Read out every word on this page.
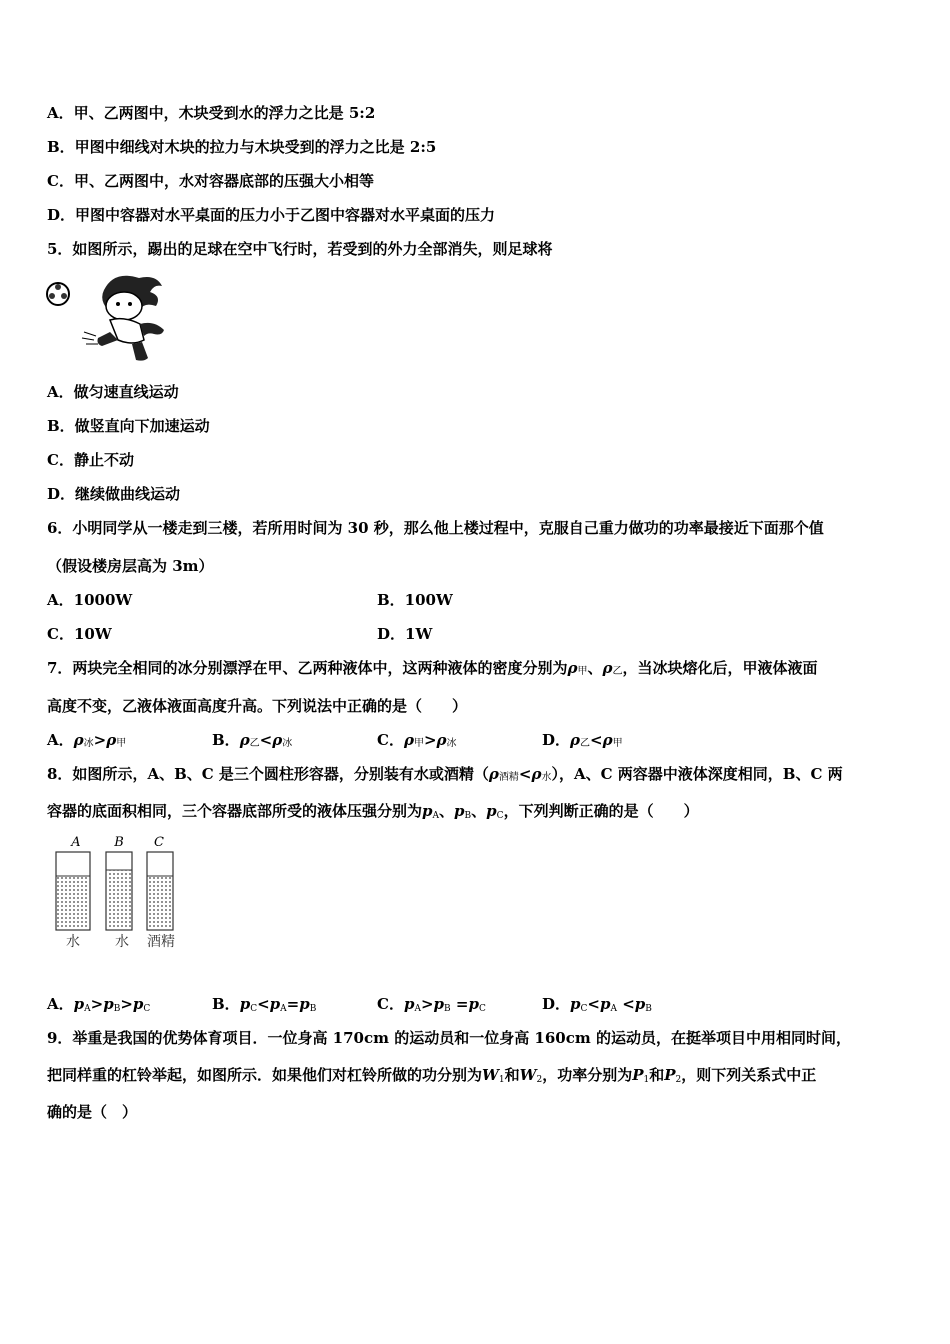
A．甲、乙两图中，木块受到水的浮力之比是 5:2
B．甲图中细线对木块的拉力与木块受到的浮力之比是 2:5
C．甲、乙两图中，水对容器底部的压强大小相等
D．甲图中容器对水平桌面的压力小于乙图中容器对水平桌面的压力
5．如图所示，踢出的足球在空中飞行时，若受到的外力全部消失，则足球将
A．做匀速直线运动
B．做竖直向下加速运动
C．静止不动
D．继续做曲线运动
6．小明同学从一楼走到三楼，若所用时间为 30 秒，那么他上楼过程中，克服自己重力做功的功率最接近下面那个值
（假设楼房层高为 3m）
A．1000W	B．100W
C．10W	D．1W
7．两块完全相同的冰分别漂浮在甲、乙两种液体中，这两种液体的密度分别为ρ甲、ρ乙，当冰块熔化后，甲液体液面
高度不变，乙液体液面高度升高。下列说法中正确的是（　　）
A．ρ冰>ρ甲	B．ρ乙<ρ冰	C．ρ甲>ρ冰	D．ρ乙<ρ甲
8．如图所示，A、B、C 是三个圆柱形容器，分别装有水或酒精（ρ酒精<ρ水），A、C 两容器中液体深度相同，B、C 两
容器的底面积相同，三个容器底部所受的液体压强分别为pA、pB、pC，下列判断正确的是（　　）
A	B C
水	水 酒精
A．pA>pB>pC	B．pC<pA=pB	C．pA>pB =pC	D．pC<pA <pB
9．举重是我国的优势体育项目．一位身高 170cm 的运动员和一位身高 160cm 的运动员，在挺举项目中用相同时间，
把同样重的杠铃举起，如图所示．如果他们对杠铃所做的功分别为W1和W2，功率分别为P1和P2，则下列关系式中正
确的是（　）
